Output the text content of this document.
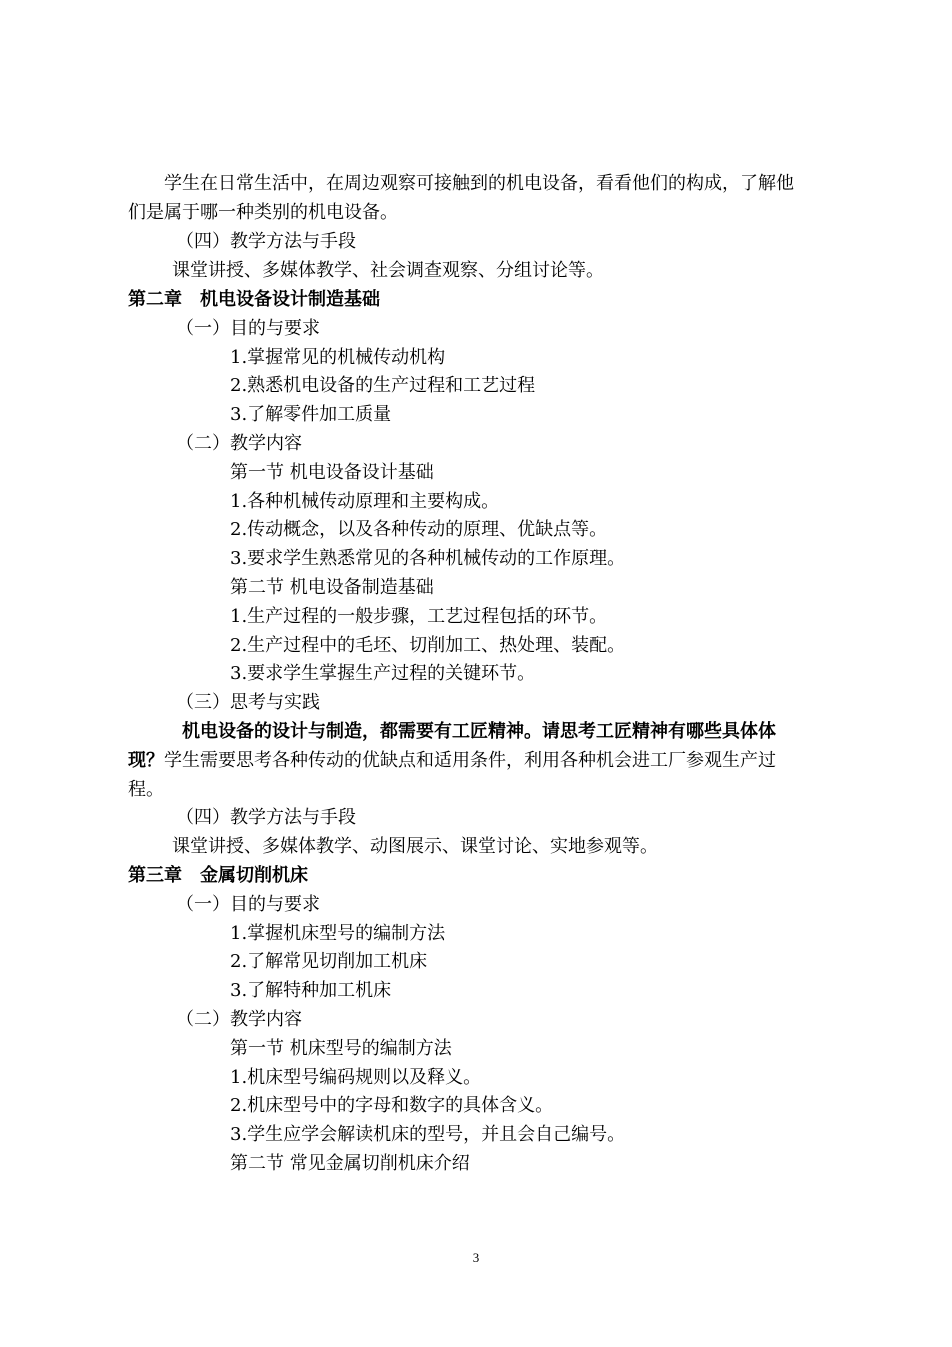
学生在日常生活中，在周边观察可接触到的机电设备，看看他们的构成，了解他
们是属于哪一种类别的机电设备。
（四）教学方法与手段
课堂讲授、多媒体教学、社会调查观察、分组讨论等。
第二章　机电设备设计制造基础
（一）目的与要求
1.掌握常见的机械传动机构
2.熟悉机电设备的生产过程和工艺过程
3.了解零件加工质量
（二）教学内容
第一节 机电设备设计基础
1.各种机械传动原理和主要构成。
2.传动概念，以及各种传动的原理、优缺点等。
3.要求学生熟悉常见的各种机械传动的工作原理。
第二节 机电设备制造基础
1.生产过程的一般步骤，工艺过程包括的环节。
2.生产过程中的毛坯、切削加工、热处理、装配。
3.要求学生掌握生产过程的关键环节。
（三）思考与实践
机电设备的设计与制造，都需要有工匠精神。请思考工匠精神有哪些具体体
现？学生需要思考各种传动的优缺点和适用条件，利用各种机会进工厂参观生产过
程。
（四）教学方法与手段
课堂讲授、多媒体教学、动图展示、课堂讨论、实地参观等。
第三章　金属切削机床
（一）目的与要求
1.掌握机床型号的编制方法
2.了解常见切削加工机床
3.了解特种加工机床
（二）教学内容
第一节 机床型号的编制方法
1.机床型号编码规则以及释义。
2.机床型号中的字母和数字的具体含义。
3.学生应学会解读机床的型号，并且会自己编号。
第二节 常见金属切削机床介绍
3
